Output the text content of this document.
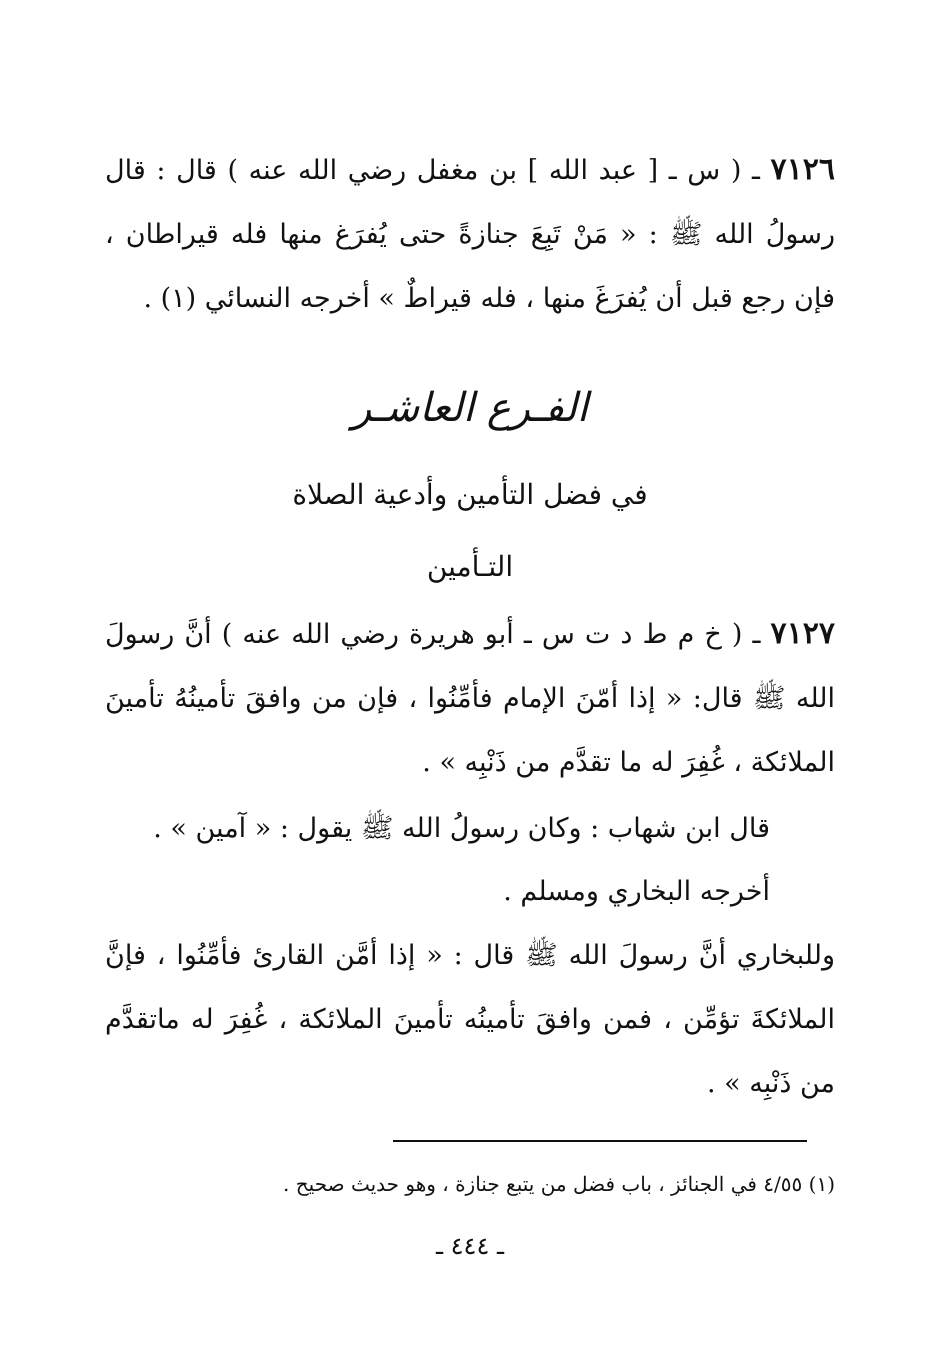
٧١٢٦ ـ ( س ـ [ عبد الله ] بن مغفل رضي الله عنه ) قال : قال رسولُ الله ﷺ : « مَنْ تَبِعَ جنازةً حتى يُفرَغ منها فله قيراطان ، فإن رجع قبل أن يُفرَغَ منها ، فله قيراطٌ » أخرجه النسائي (١) .
الفـرع العاشـر
في فضل التأمين وأدعية الصلاة
التـأمين
٧١٢٧ ـ ( خ م ط د ت س ـ أبو هريرة رضي الله عنه ) أنَّ رسولَ الله ﷺ قال: « إذا أمّنَ الإمام فأمِّنُوا ، فإن من وافقَ تأمينُهُ تأمينَ الملائكة ، غُفِرَ له ما تقدَّم من ذَنْبِه » .
قال ابن شهاب : وكان رسولُ الله ﷺ يقول : « آمين » .
أخرجه البخاري ومسلم .
وللبخاري أنَّ رسولَ الله ﷺ قال : « إذا أمَّن القارئ فأمِّنُوا ، فإنَّ الملائكةَ تؤمِّن ، فمن وافقَ تأمينُه تأمينَ الملائكة ، غُفِرَ له ماتقدَّم من ذَنْبِه » .
(١) ٤/٥٥ في الجنائز ، باب فضل من يتبع جنازة ، وهو حديث صحيح .
ـ ٤٤٤ ـ
